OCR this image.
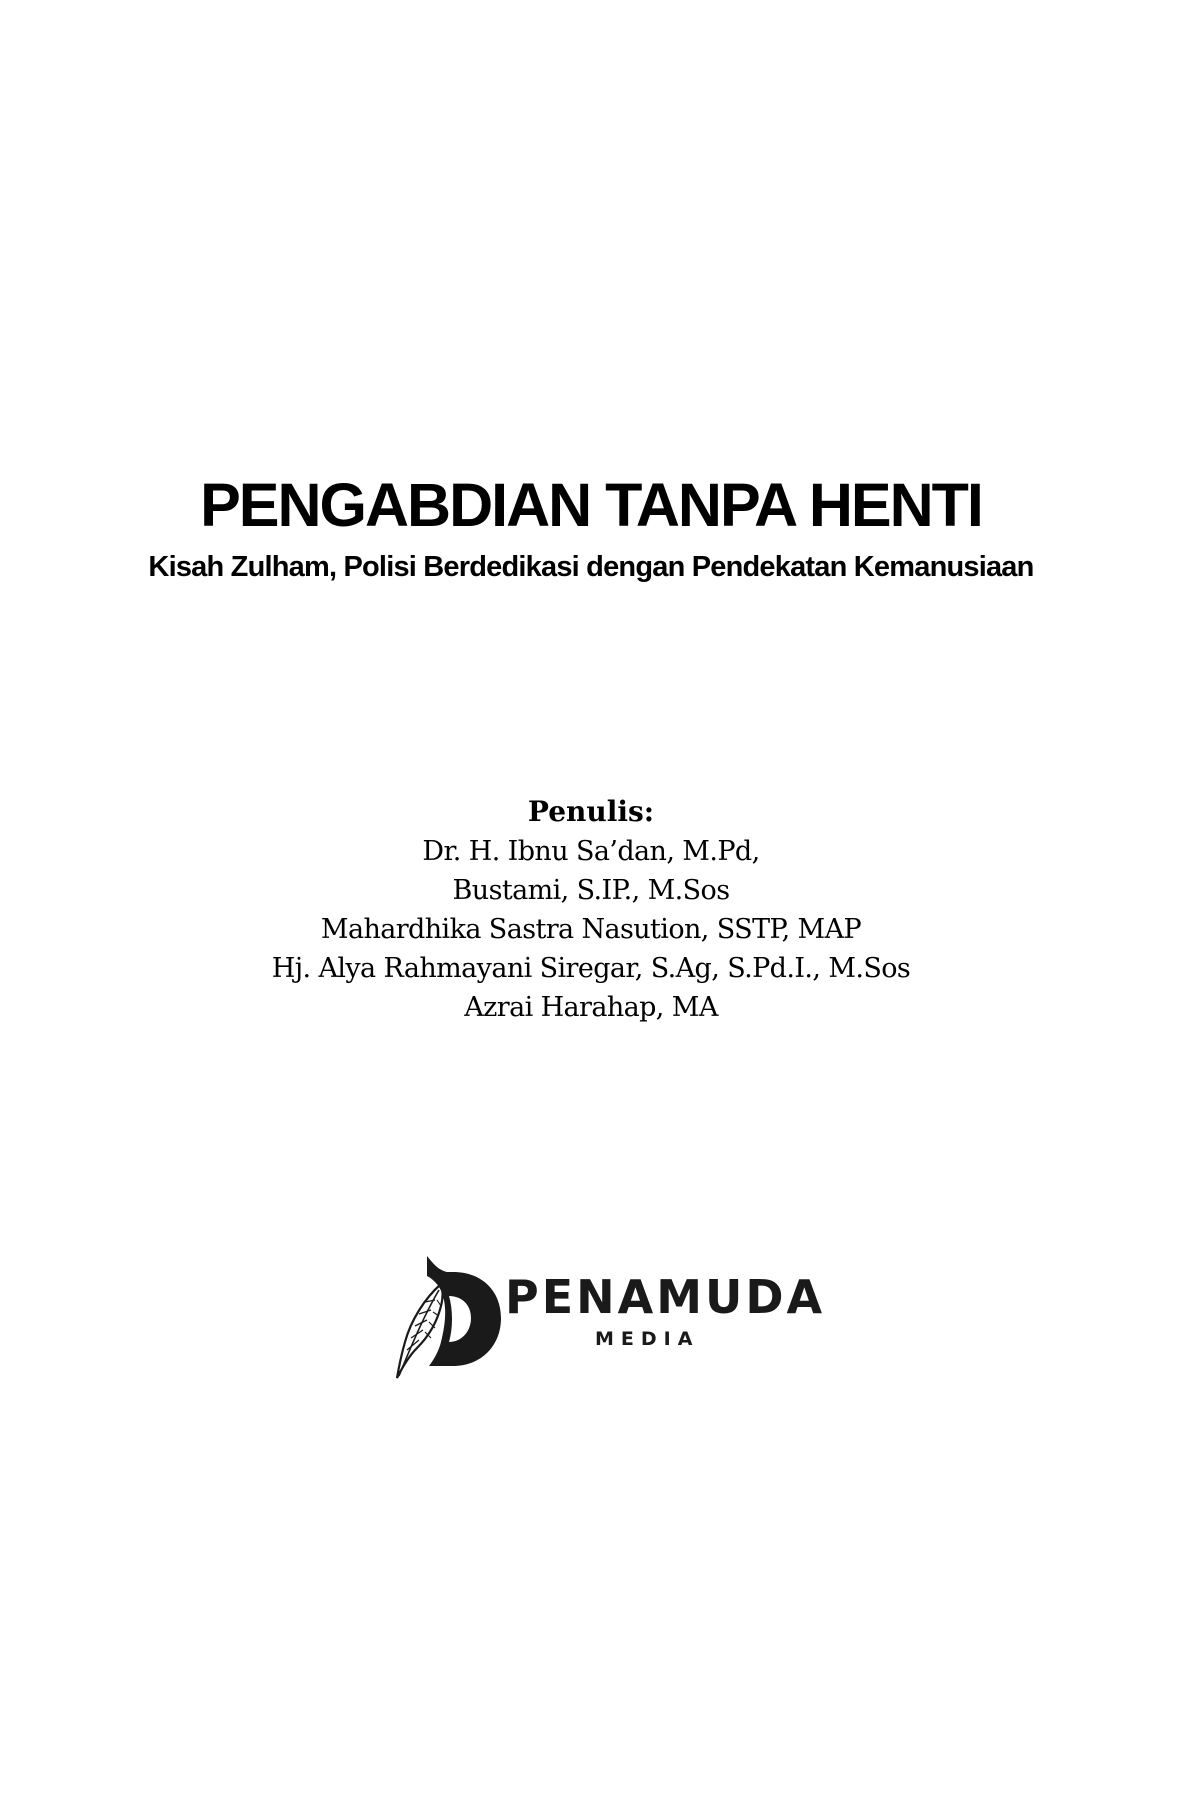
PENGABDIAN TANPA HENTI

Kisah Zulham, Polisi Berdedikasi dengan Pendekatan Kemanusiaan

Penulis:

Dr. H. Ibnu Sa’dan, M.Pd,
Bustami, S.IP., M.Sos
Mahardhika Sastra Nasution, SSTP, MAP
Hj. Alya Rahmayani Siregar, S.Ag, S.Pd.I., M.Sos
Azrai Harahap, MA
PENAMUDA
MEDIA
